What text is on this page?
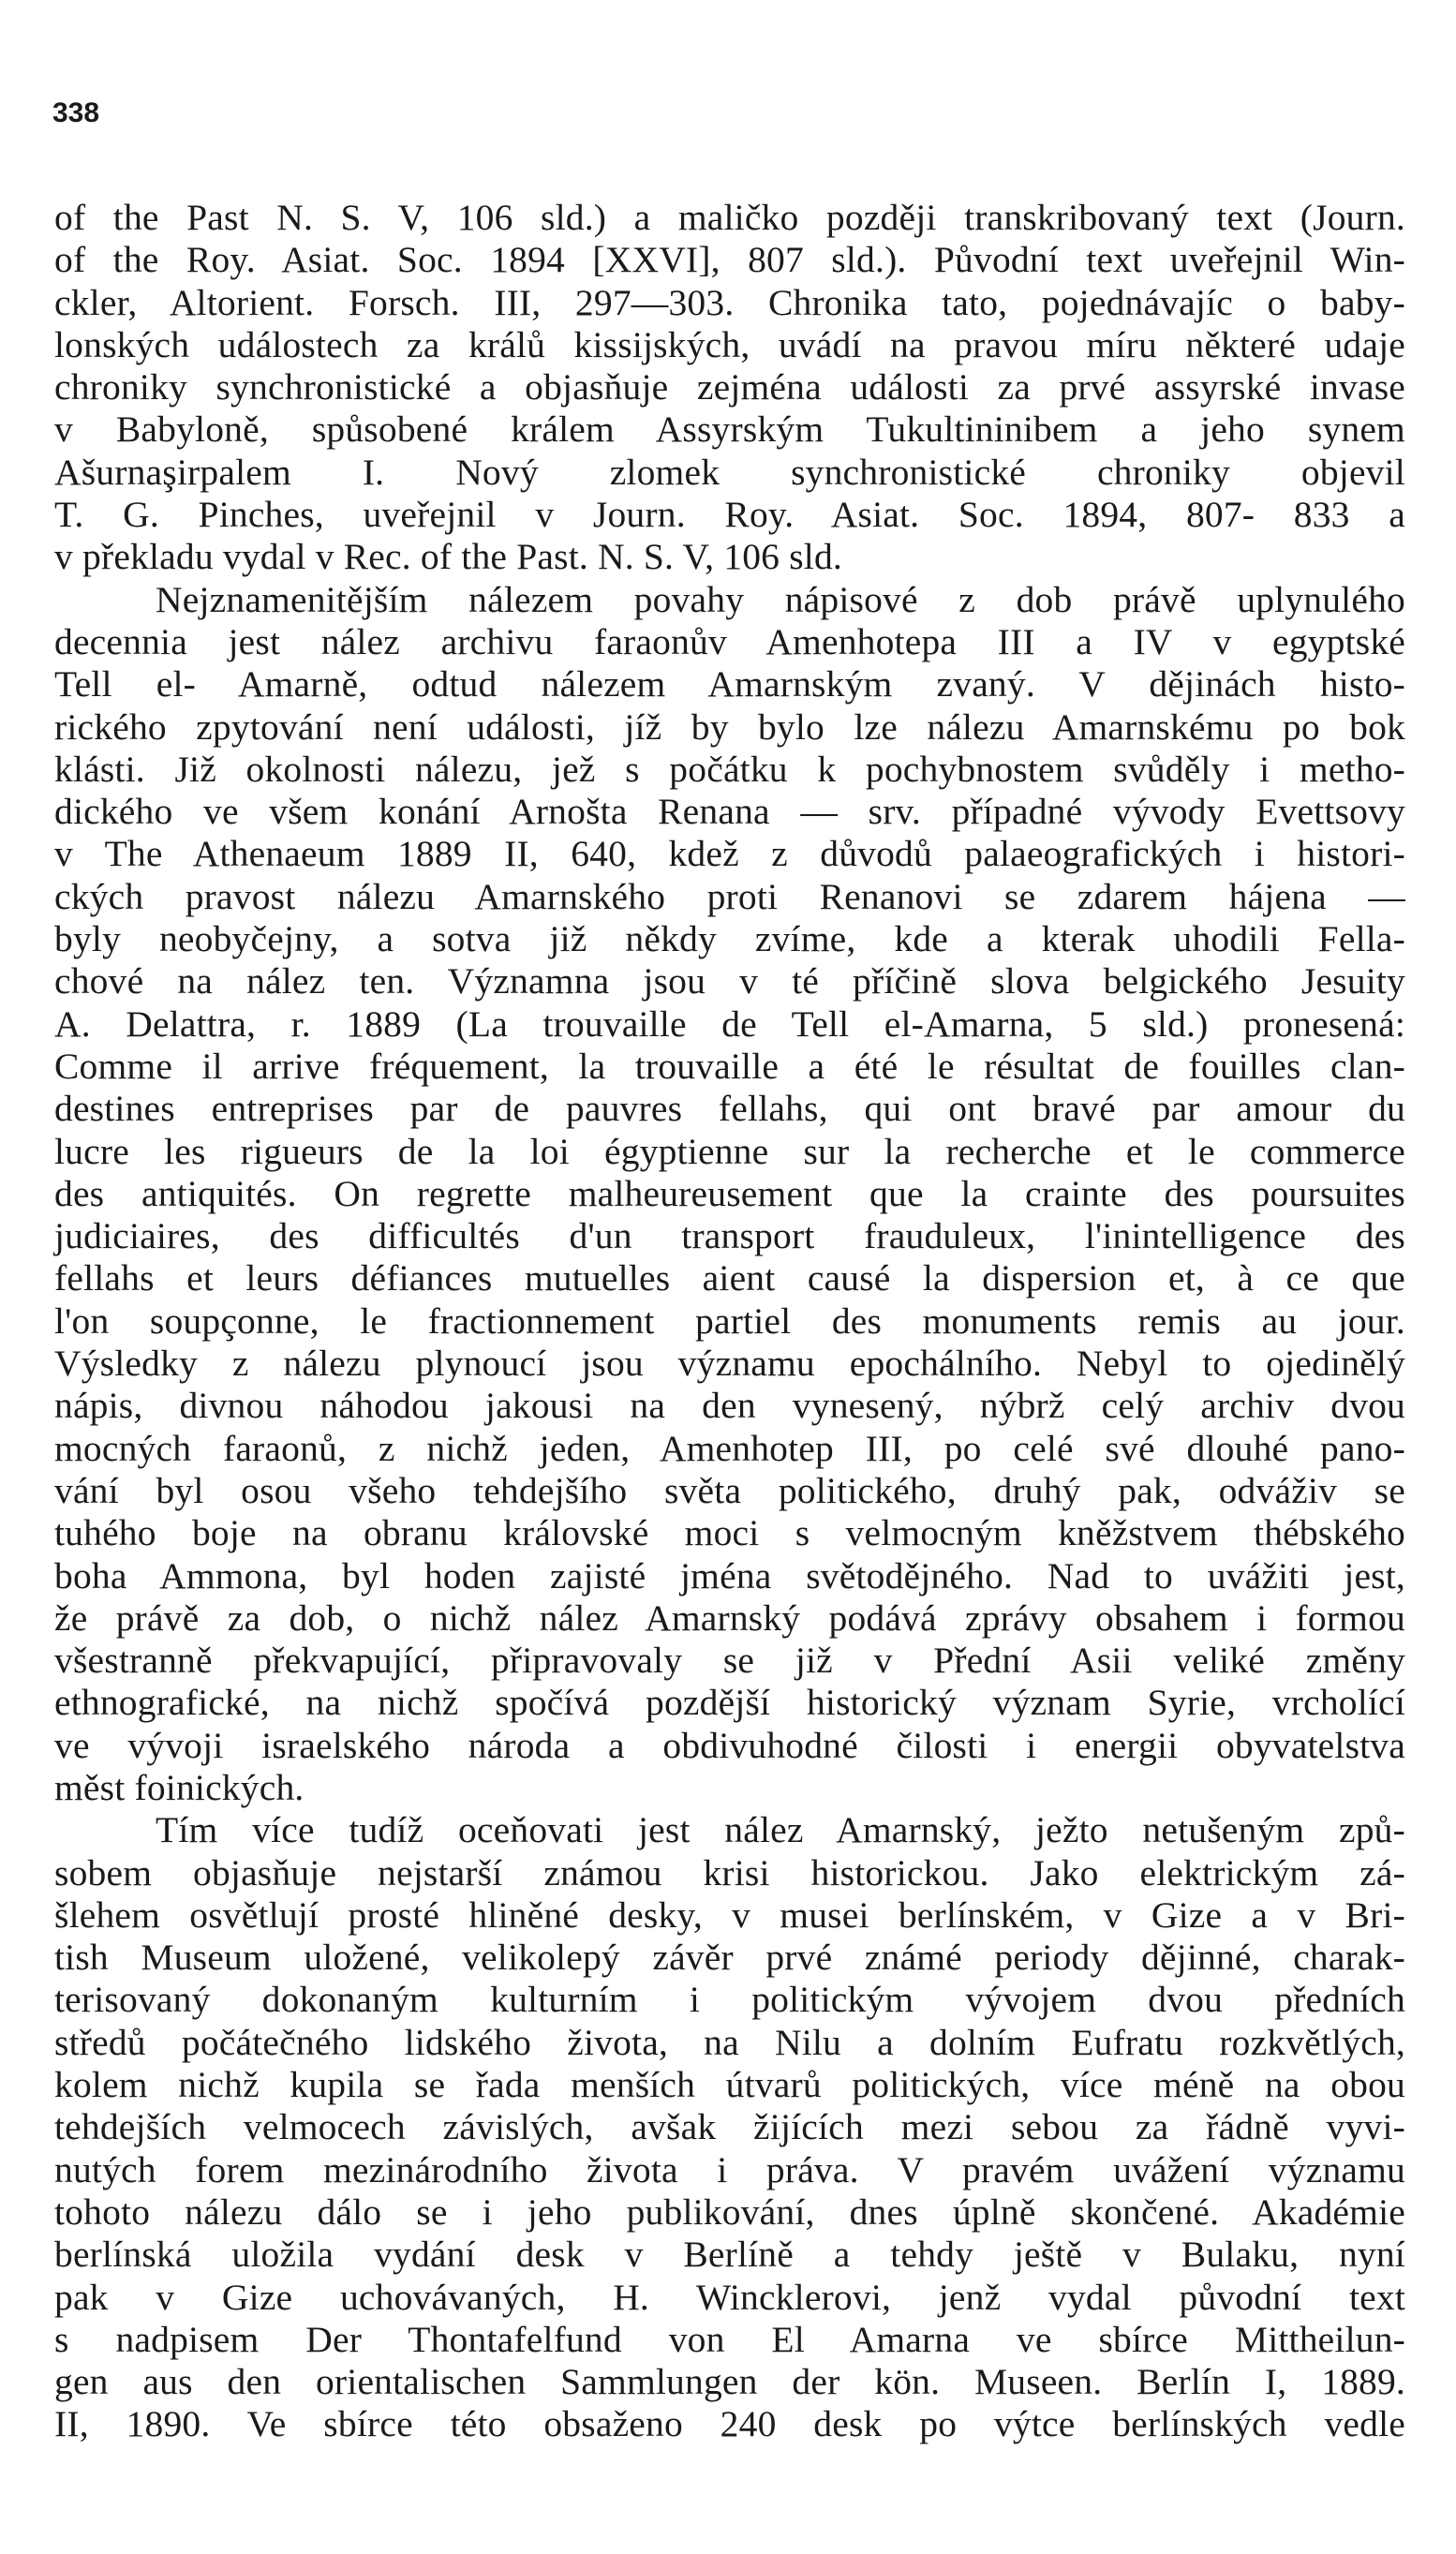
338
of the Past N. S. V, 106 sld.) a maličko později transkribovaný text (Journ.
of the Roy. Asiat. Soc. 1894 [XXVI], 807 sld.). Původní text uveřejnil Win-
ckler, Altorient. Forsch. III, 297—303. Chronika tato, pojednávajíc o baby-
lonských událostech za králů kissijských, uvádí na pravou míru některé udaje
chroniky synchronistické a objasňuje zejména události za prvé assyrské invase
v Babyloně, spůsobené králem Assyrským Tukultininibem a jeho synem
Ašurnaşirpalem I. Nový zlomek synchronistické chroniky objevil
T. G. Pinches, uveřejnil v Journ. Roy. Asiat. Soc. 1894, 807- 833 a
v překladu vydal v Rec. of the Past. N. S. V, 106 sld.
Nejznamenitějším nálezem povahy nápisové z dob právě uplynulého
decennia jest nález archivu faraonův Amenhotepa III a IV v egyptské
Tell el- Amarně, odtud nálezem Amarnským zvaný. V dějinách histo-
rického zpytování není události, jíž by bylo lze nálezu Amarnskému po bok
klásti. Již okolnosti nálezu, jež s počátku k pochybnostem svůděly i metho-
dického ve všem konání Arnošta Renana — srv. případné vývody Evettsovy
v The Athenaeum 1889 II, 640, kdež z důvodů palaeografických i histori-
ckých pravost nálezu Amarnského proti Renanovi se zdarem hájena —
byly neobyčejny, a sotva již někdy zvíme, kde a kterak uhodili Fella-
chové na nález ten. Významna jsou v té příčině slova belgického Jesuity
A. Delattra, r. 1889 (La trouvaille de Tell el-Amarna, 5 sld.) pronesená:
Comme il arrive fréquement, la trouvaille a été le résultat de fouilles clan-
destines entreprises par de pauvres fellahs, qui ont bravé par amour du
lucre les rigueurs de la loi égyptienne sur la recherche et le commerce
des antiquités. On regrette malheureusement que la crainte des poursuites
judiciaires, des difficultés d'un transport frauduleux, l'inintelligence des
fellahs et leurs défiances mutuelles aient causé la dispersion et, à ce que
l'on soupçonne, le fractionnement partiel des monuments remis au jour.
Výsledky z nálezu plynoucí jsou významu epochálního. Nebyl to ojedinělý
nápis, divnou náhodou jakousi na den vynesený, nýbrž celý archiv dvou
mocných faraonů, z nichž jeden, Amenhotep III, po celé své dlouhé pano-
vání byl osou všeho tehdejšího světa politického, druhý pak, odváživ se
tuhého boje na obranu královské moci s velmocným kněžstvem thébského
boha Ammona, byl hoden zajisté jména světodějného. Nad to uvážiti jest,
že právě za dob, o nichž nález Amarnský podává zprávy obsahem i formou
všestranně překvapující, připravovaly se již v Přední Asii veliké změny
ethnografické, na nichž spočívá pozdější historický význam Syrie, vrcholící
ve vývoji israelského národa a obdivuhodné čilosti i energii obyvatelstva
měst foinických.
Tím více tudíž oceňovati jest nález Amarnský, ježto netušeným způ-
sobem objasňuje nejstarší známou krisi historickou. Jako elektrickým zá-
šlehem osvětlují prosté hliněné desky, v musei berlínském, v Gize a v Bri-
tish Museum uložené, velikolepý závěr prvé známé periody dějinné, charak-
terisovaný dokonaným kulturním i politickým vývojem dvou předních
středů počátečného lidského života, na Nilu a dolním Eufratu rozkvětlých,
kolem nichž kupila se řada menších útvarů politických, více méně na obou
tehdejších velmocech závislých, avšak žijících mezi sebou za řádně vyvi-
nutých forem mezinárodního života i práva. V pravém uvážení významu
tohoto nálezu dálo se i jeho publikování, dnes úplně skončené. Akadémie
berlínská uložila vydání desk v Berlíně a tehdy ještě v Bulaku, nyní
pak v Gize uchovávaných, H. Wincklerovi, jenž vydal původní text
s nadpisem Der Thontafelfund von El Amarna ve sbírce Mittheilun-
gen aus den orientalischen Sammlungen der kön. Museen. Berlín I, 1889.
II, 1890. Ve sbírce této obsaženo 240 desk po výtce berlínských vedle
